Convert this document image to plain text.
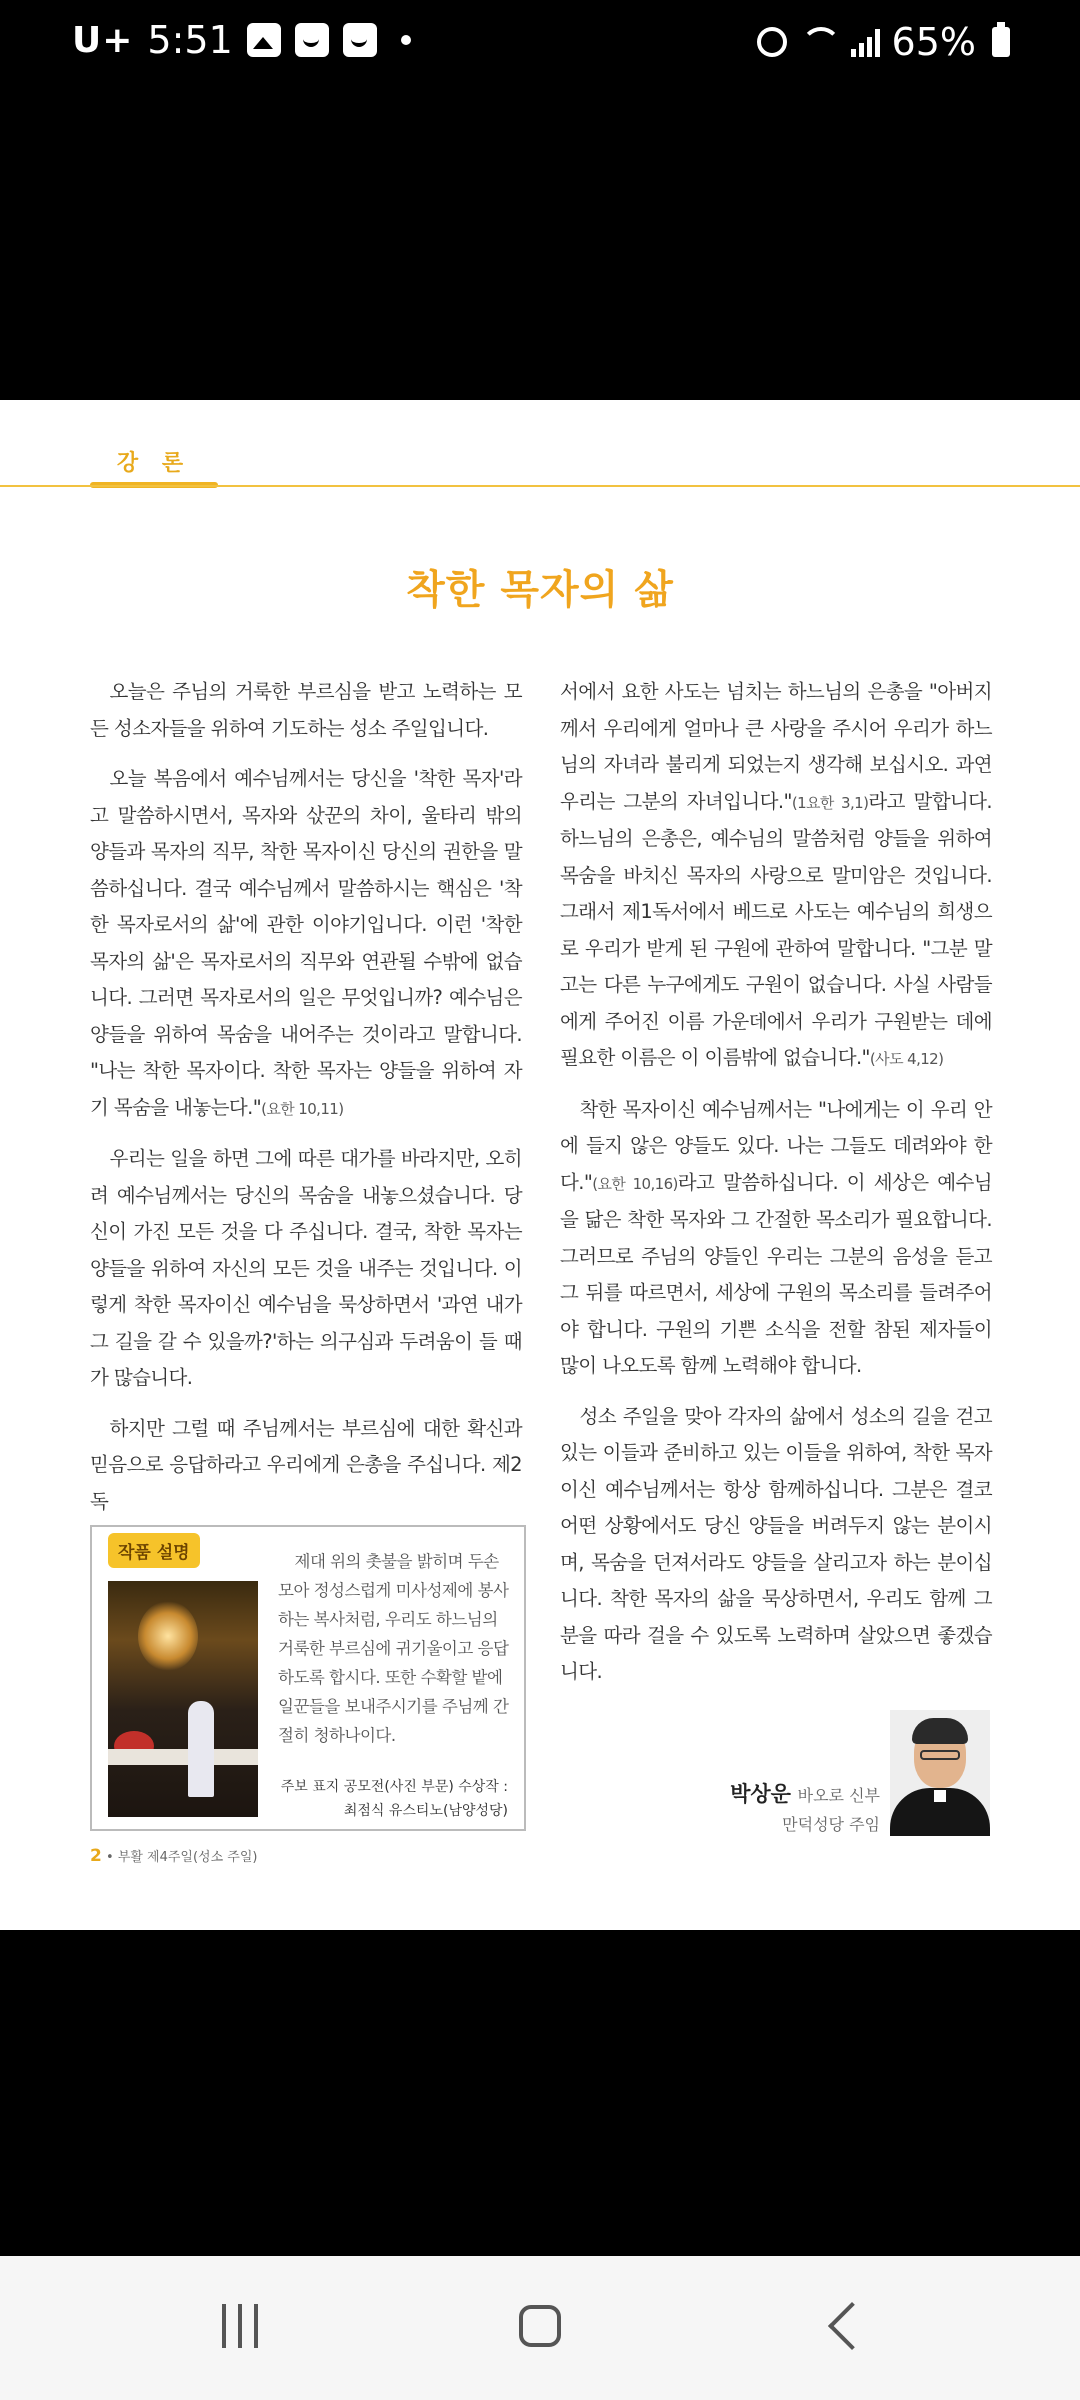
U+ 5:51	65%
강 론
착한 목자의 삶

오늘은 주님의 거룩한 부르심을 받고 노력하는 모든 성소자들을 위하여 기도하는 성소 주일입니다.

오늘 복음에서 예수님께서는 당신을 '착한 목자'라고 말씀하시면서, 목자와 삯꾼의 차이, 울타리 밖의 양들과 목자의 직무, 착한 목자이신 당신의 권한을 말씀하십니다. 결국 예수님께서 말씀하시는 핵심은 '착한 목자로서의 삶'에 관한 이야기입니다. 이런 '착한 목자의 삶'은 목자로서의 직무와 연관될 수밖에 없습니다. 그러면 목자로서의 일은 무엇입니까? 예수님은 양들을 위하여 목숨을 내어주는 것이라고 말합니다. "나는 착한 목자이다. 착한 목자는 양들을 위하여 자기 목숨을 내놓는다."(요한 10,11)

우리는 일을 하면 그에 따른 대가를 바라지만, 오히려 예수님께서는 당신의 목숨을 내놓으셨습니다. 당신이 가진 모든 것을 다 주십니다. 결국, 착한 목자는 양들을 위하여 자신의 모든 것을 내주는 것입니다. 이렇게 착한 목자이신 예수님을 묵상하면서 '과연 내가 그 길을 갈 수 있을까?'하는 의구심과 두려움이 들 때가 많습니다.

하지만 그럴 때 주님께서는 부르심에 대한 확신과 믿음으로 응답하라고 우리에게 은총을 주십니다. 제2독

작품 설명	제대 위의 촛불을 밝히며 두손 모아 정성스럽게 미사성제에 봉사하는 복사처럼, 우리도 하느님의 거룩한 부르심에 귀기울이고 응답하도록 합시다. 또한 수확할 밭에 일꾼들을 보내주시기를 주님께 간절히 청하나이다.
주보 표지 공모전(사진 부문) 수상작 :
최점식 유스티노(남양성당)
2 • 부활 제4주일(성소 주일)

서에서 요한 사도는 넘치는 하느님의 은총을 "아버지께서 우리에게 얼마나 큰 사랑을 주시어 우리가 하느님의 자녀라 불리게 되었는지 생각해 보십시오. 과연 우리는 그분의 자녀입니다."(1요한 3,1)라고 말합니다. 하느님의 은총은, 예수님의 말씀처럼 양들을 위하여 목숨을 바치신 목자의 사랑으로 말미암은 것입니다. 그래서 제1독서에서 베드로 사도는 예수님의 희생으로 우리가 받게 된 구원에 관하여 말합니다. "그분 말고는 다른 누구에게도 구원이 없습니다. 사실 사람들에게 주어진 이름 가운데에서 우리가 구원받는 데에 필요한 이름은 이 이름밖에 없습니다."(사도 4,12)

착한 목자이신 예수님께서는 "나에게는 이 우리 안에 들지 않은 양들도 있다. 나는 그들도 데려와야 한다."(요한 10,16)라고 말씀하십니다. 이 세상은 예수님을 닮은 착한 목자와 그 간절한 목소리가 필요합니다. 그러므로 주님의 양들인 우리는 그분의 음성을 듣고 그 뒤를 따르면서, 세상에 구원의 목소리를 들려주어야 합니다. 구원의 기쁜 소식을 전할 참된 제자들이 많이 나오도록 함께 노력해야 합니다.

성소 주일을 맞아 각자의 삶에서 성소의 길을 걷고 있는 이들과 준비하고 있는 이들을 위하여, 착한 목자이신 예수님께서는 항상 함께하십니다. 그분은 결코 어떤 상황에서도 당신 양들을 버려두지 않는 분이시며, 목숨을 던져서라도 양들을 살리고자 하는 분이십니다. 착한 목자의 삶을 묵상하면서, 우리도 함께 그분을 따라 걸을 수 있도록 노력하며 살았으면 좋겠습니다.

박상운 바오로 신부
만덕성당 주임
